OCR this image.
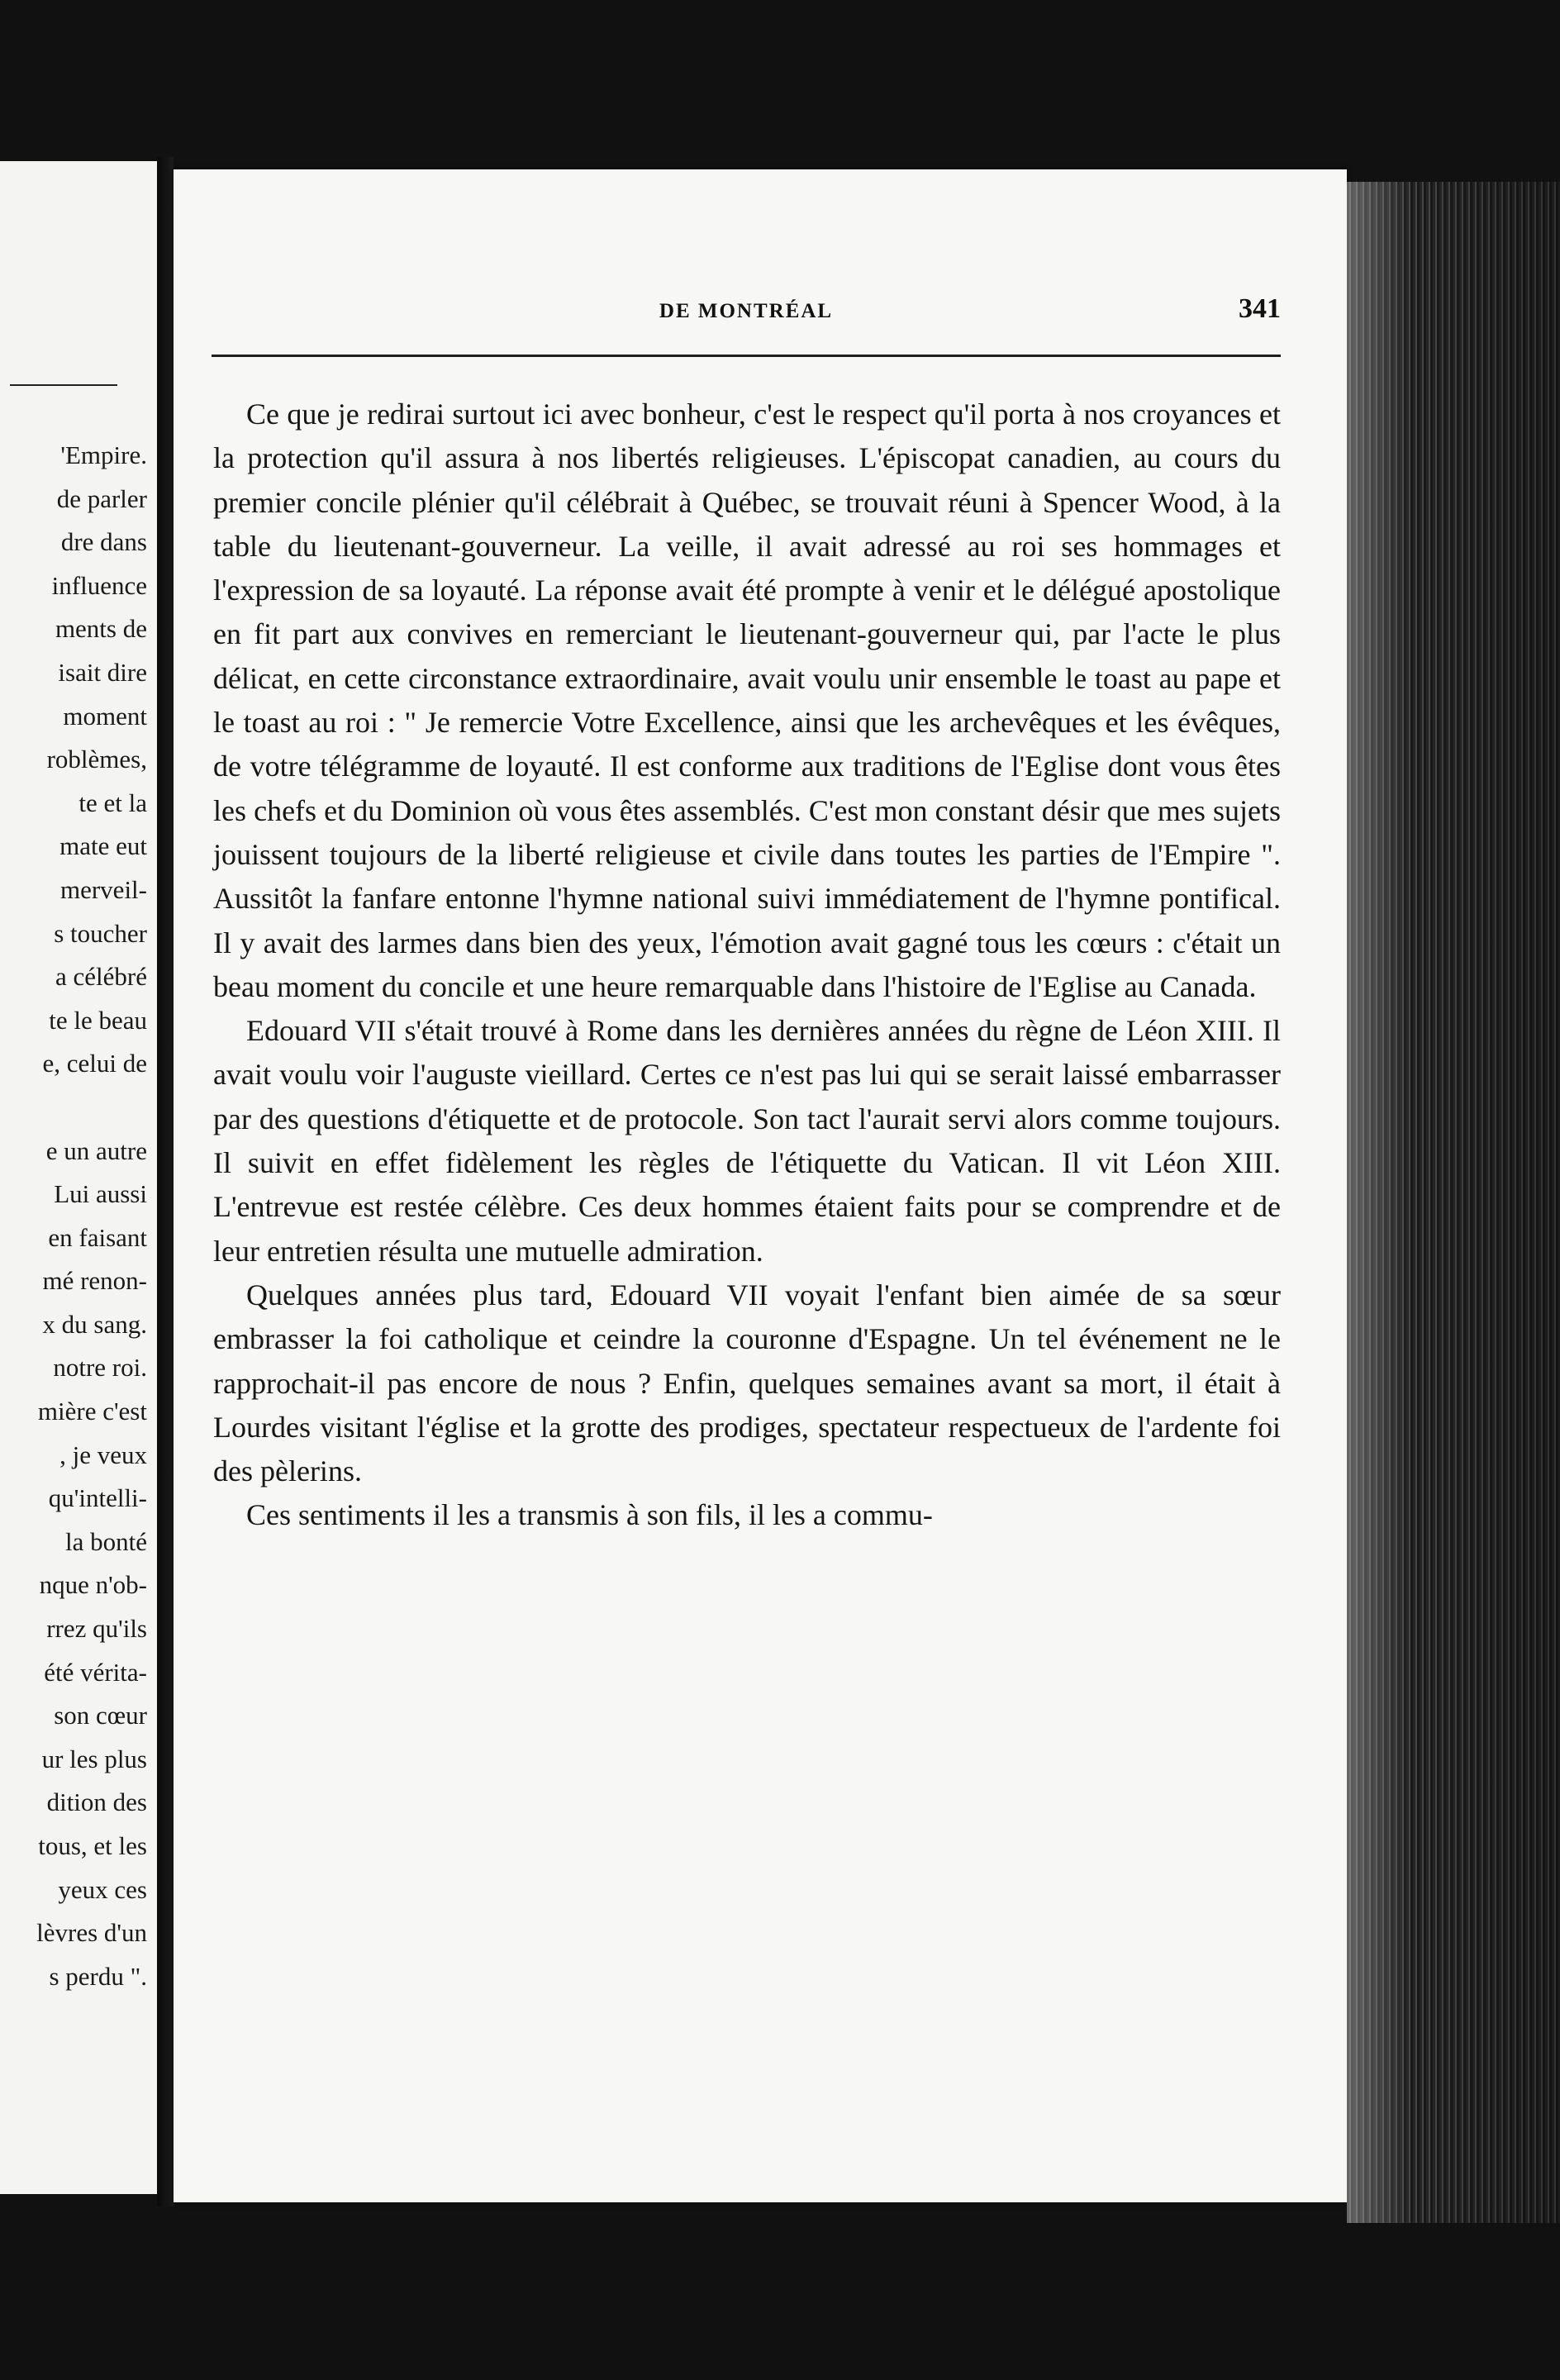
'Empire.
de parler
dre dans
influence
ments de
isait dire
moment
roblèmes,
te et la
mate eut
merveil-
s toucher
a célébré
te le beau
e, celui de
e un autre
Lui aussi
en faisant
mé renon-
x du sang.
notre roi.
mière c'est
, je veux
qu'intelli-
la bonté
nque n'ob-
rrez qu'ils
été vérita-
son cœur
ur les plus
dition des
tous, et les
yeux ces
lèvres d'un
s perdu ".
DE MONTRÉAL	341

Ce que je redirai surtout ici avec bonheur, c'est le respect qu'il porta à nos croyances et la protection qu'il assura à nos libertés religieuses. L'épiscopat canadien, au cours du premier concile plénier qu'il célébrait à Québec, se trouvait réuni à Spencer Wood, à la table du lieutenant-gouverneur. La veille, il avait adressé au roi ses hommages et l'expression de sa loyauté. La réponse avait été prompte à venir et le délégué apostolique en fit part aux convives en remerciant le lieutenant-gouverneur qui, par l'acte le plus délicat, en cette circonstance extraordinaire, avait voulu unir ensemble le toast au pape et le toast au roi : " Je remercie Votre Excellence, ainsi que les archevêques et les évêques, de votre télégramme de loyauté. Il est conforme aux traditions de l'Eglise dont vous êtes les chefs et du Dominion où vous êtes assemblés. C'est mon constant désir que mes sujets jouissent toujours de la liberté religieuse et civile dans toutes les parties de l'Empire ". Aussitôt la fanfare entonne l'hymne national suivi immédiatement de l'hymne pontifical. Il y avait des larmes dans bien des yeux, l'émotion avait gagné tous les cœurs : c'était un beau moment du concile et une heure remarquable dans l'histoire de l'Eglise au Canada.

Edouard VII s'était trouvé à Rome dans les dernières années du règne de Léon XIII. Il avait voulu voir l'auguste vieillard. Certes ce n'est pas lui qui se serait laissé embarrasser par des questions d'étiquette et de protocole. Son tact l'aurait servi alors comme toujours. Il suivit en effet fidèlement les règles de l'étiquette du Vatican. Il vit Léon XIII. L'entrevue est restée célèbre. Ces deux hommes étaient faits pour se comprendre et de leur entretien résulta une mutuelle admiration.

Quelques années plus tard, Edouard VII voyait l'enfant bien aimée de sa sœur embrasser la foi catholique et ceindre la couronne d'Espagne. Un tel événement ne le rapprochait-il pas encore de nous ? Enfin, quelques semaines avant sa mort, il était à Lourdes visitant l'église et la grotte des prodiges, spectateur respectueux de l'ardente foi des pèlerins.

Ces sentiments il les a transmis à son fils, il les a commu-
